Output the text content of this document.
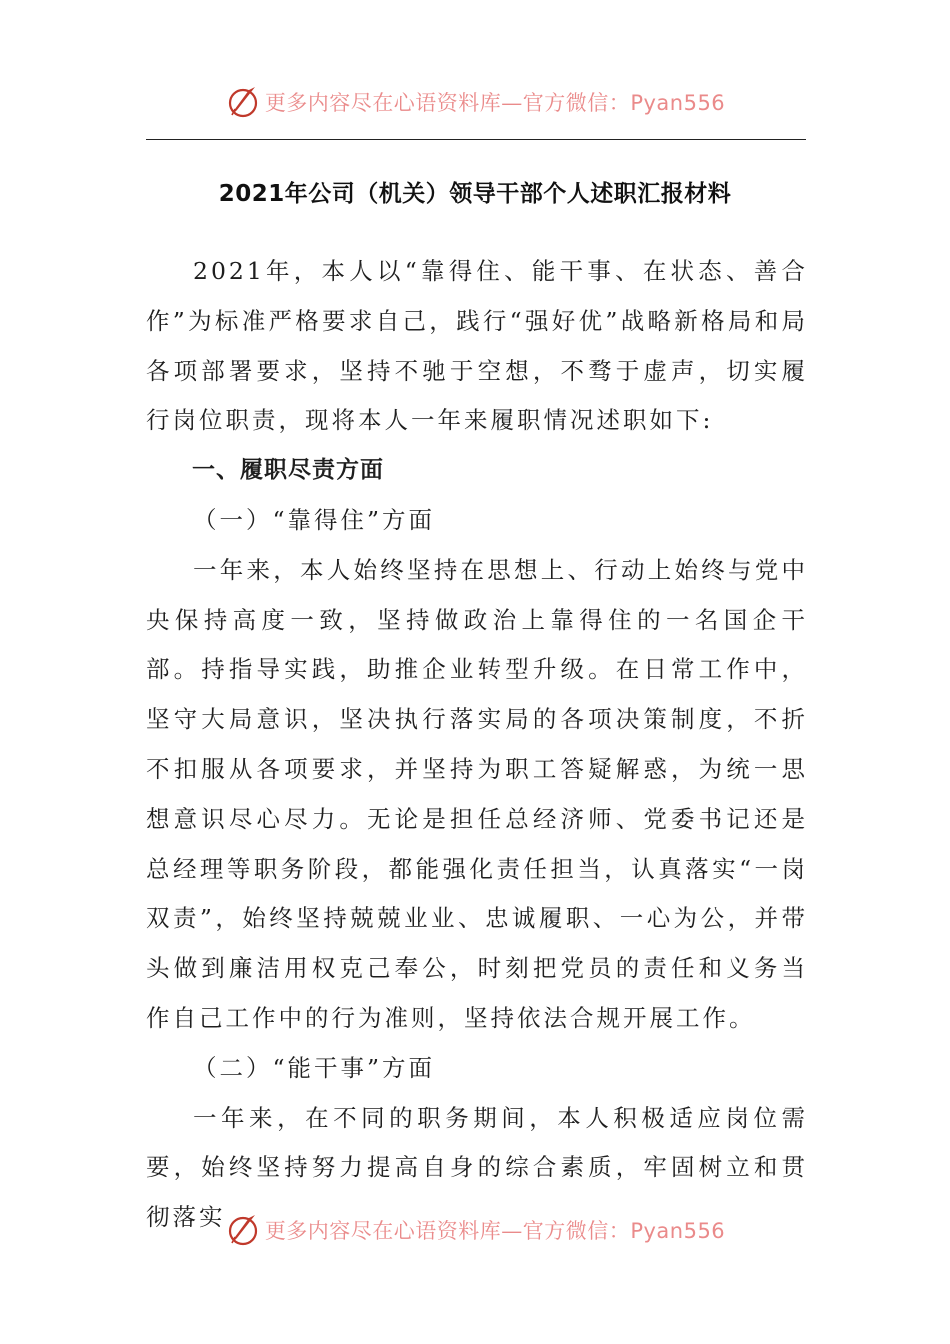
更多内容尽在心语资料库—官方微信：Pyan556
2021年公司（机关）领导干部个人述职汇报材料

2021年，本人以“靠得住、能干事、在状态、善合作”为标准严格要求自己，践行“强好优”战略新格局和局各项部署要求，坚持不驰于空想，不骛于虚声，切实履行岗位职责，现将本人一年来履职情况述职如下:

一、履职尽责方面
（一）“靠得住”方面

一年来，本人始终坚持在思想上、行动上始终与党中央保持高度一致，坚持做政治上靠得住的一名国企干部。持指导实践，助推企业转型升级。在日常工作中，坚守大局意识，坚决执行落实局的各项决策制度，不折不扣服从各项要求，并坚持为职工答疑解惑，为统一思想意识尽心尽力。无论是担任总经济师、党委书记还是总经理等职务阶段，都能强化责任担当，认真落实“一岗双责”，始终坚持兢兢业业、忠诚履职、一心为公，并带头做到廉洁用权克己奉公，时刻把党员的责任和义务当作自己工作中的行为准则，坚持依法合规开展工作。

（二）“能干事”方面

一年来，在不同的职务期间，本人积极适应岗位需要，始终坚持努力提高自身的综合素质，牢固树立和贯彻落实	更多内容尽在心语资料库—官方微信：Pyan556
